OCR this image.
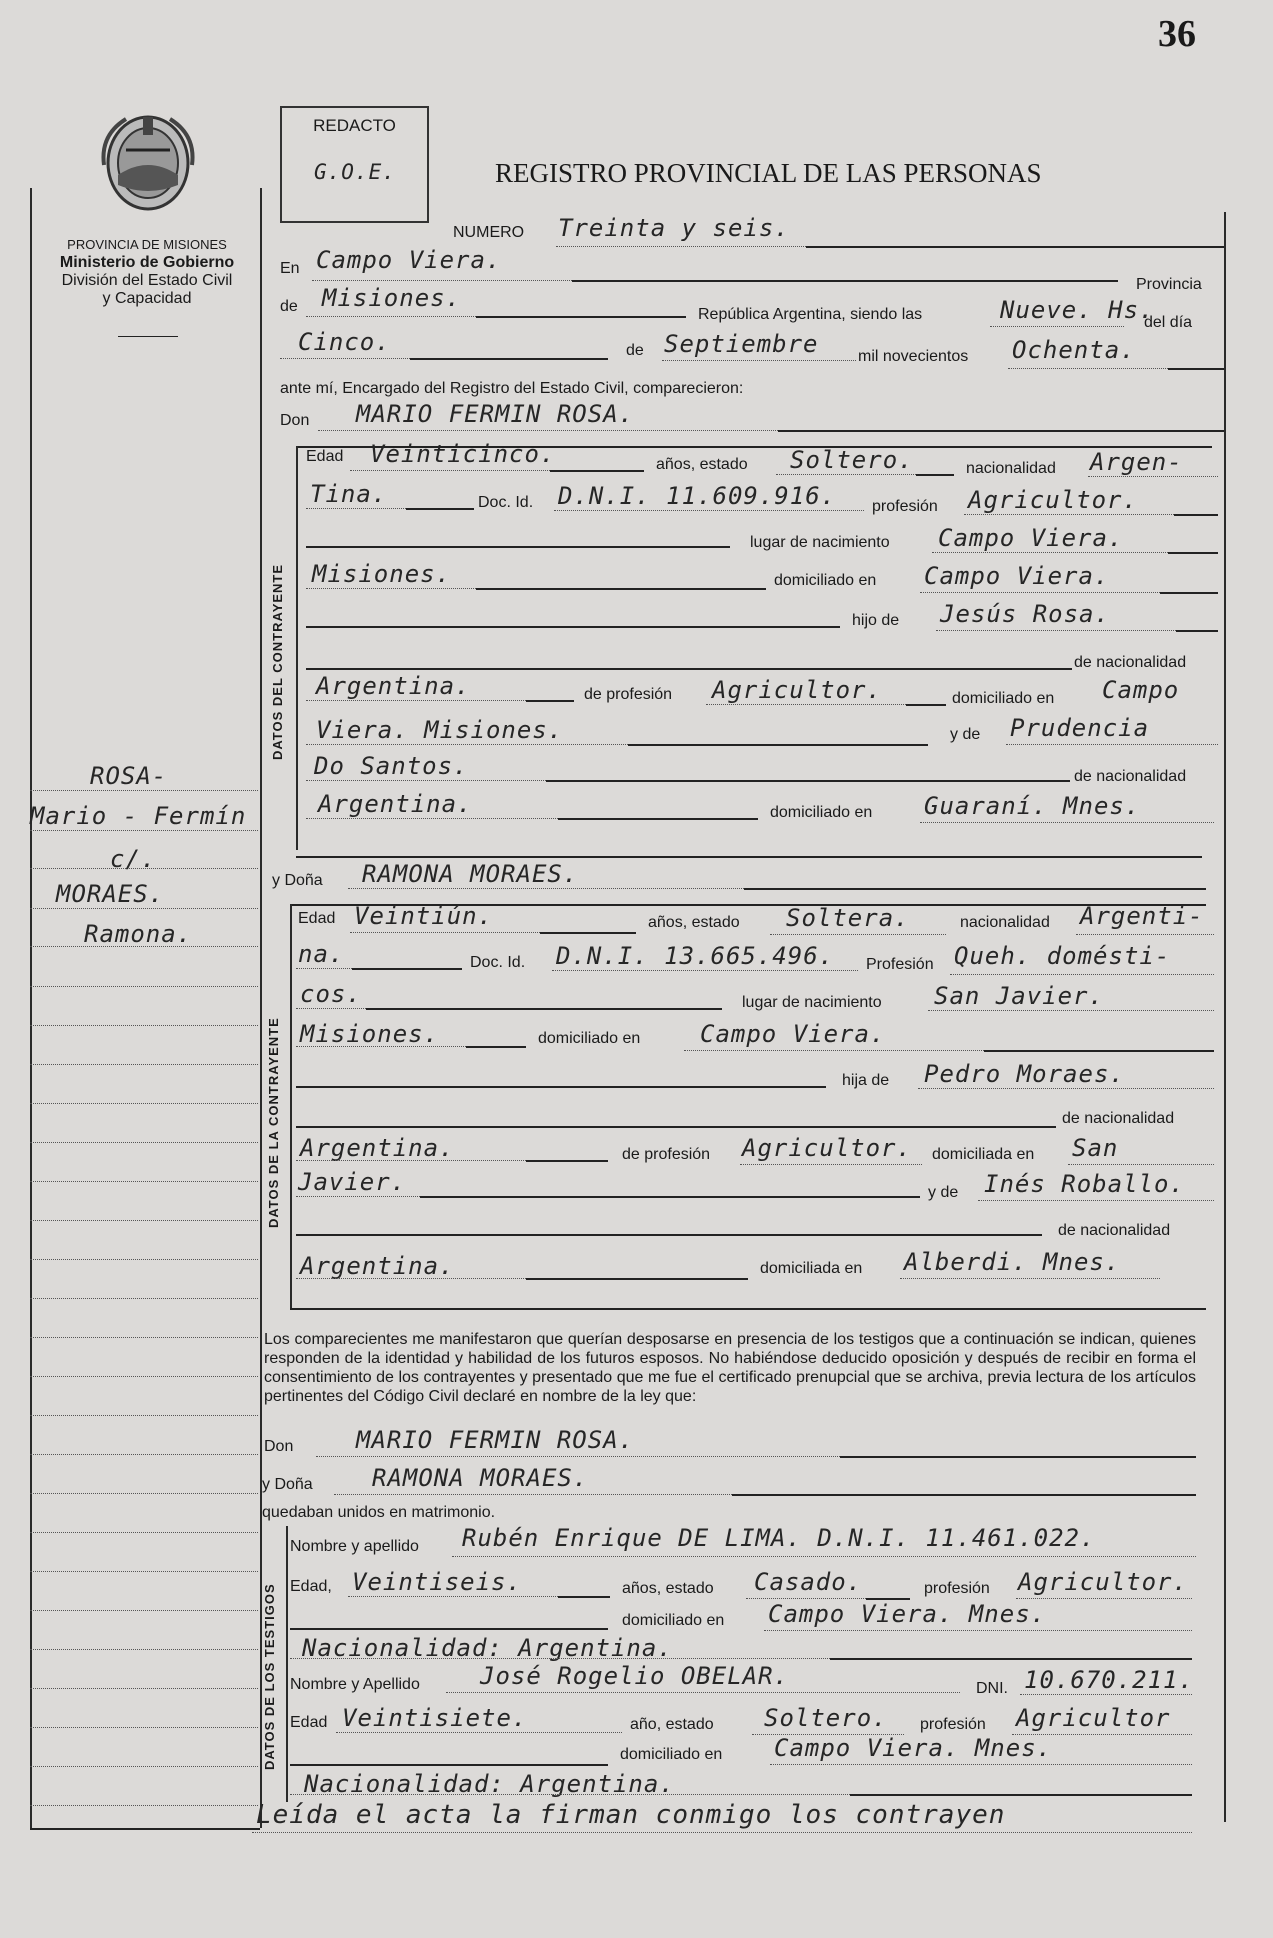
36
PROVINCIA DE MISIONES
Ministerio de Gobierno
División del Estado Civil
y Capacidad
REDACTO
G.O.E.	REGISTRO PROVINCIAL DE LAS PERSONAS
ROSA-
Mario - Fermín
c/.
MORAES.
Ramona.
NUMERO Treinta y seis.
En Campo Viera.
Provincia
de Misiones.
República Argentina, siendo las	Nueve. Hs.
del día
Cinco.	de Septiembre mil novecientos Ochenta.
ante mí, Encargado del Registro del Estado Civil, comparecieron:
Don MARIO FERMIN ROSA.
DATOS DEL CONTRAYENTE
Edad Veinticinco.	años, estado Soltero.	nacionalidad Argen-
Tina.	Doc. Id. D.N.I. 11.609.916. profesión Agricultor.
lugar de nacimiento Campo Viera.
Misiones.	domiciliado en Campo Viera.
hijo de Jesús Rosa.
de nacionalidad
Argentina.	de profesión Agricultor.	domiciliado en Campo
Viera. Misiones.	y de Prudencia
Do Santos.	de nacionalidad
Argentina.	domiciliado en Guaraní. Mnes.
y Doña RAMONA MORAES.
DATOS DE LA CONTRAYENTE
Edad Veintiún.	años, estado Soltera.	nacionalidad Argenti-
na.	Doc. Id. D.N.I. 13.665.496. Profesión Queh. domésti-
cos.	lugar de nacimiento San Javier.
Misiones.	domiciliado en Campo Viera.
hija de Pedro Moraes.
de nacionalidad
Argentina.	de profesión Agricultor. domiciliada en San
Javier.	y de Inés Roballo.
de nacionalidad
Argentina.	domiciliada en Alberdi. Mnes.
Los comparecientes me manifestaron que querían desposarse en presencia de los testigos que a continuación se indican, quienes responden de la identidad y habilidad de los futuros esposos. No habiéndose deducido oposición y después de recibir en forma el consentimiento de los contrayentes y presentado que me fue el certificado prenupcial que se archiva, previa lectura de los artículos pertinentes del Código Civil declaré en nombre de la ley que:
Don	MARIO FERMIN ROSA.
y Doña RAMONA MORAES.
quedaban unidos en matrimonio.
DATOS DE LOS TESTIGOS
Nombre y apellido Rubén Enrique DE LIMA. D.N.I. 11.461.022.
Edad, Veintiseis.	años, estado Casado.	profesión Agricultor.
domiciliado en Campo Viera. Mnes.
Nacionalidad: Argentina.
Nombre y Apellido	José Rogelio OBELAR.	DNI. 10.670.211.
Edad Veintisiete.	año, estado Soltero. profesión Agricultor
domiciliado en Campo Viera. Mnes.
Nacionalidad: Argentina.
Leída el acta la firman conmigo los contrayen
